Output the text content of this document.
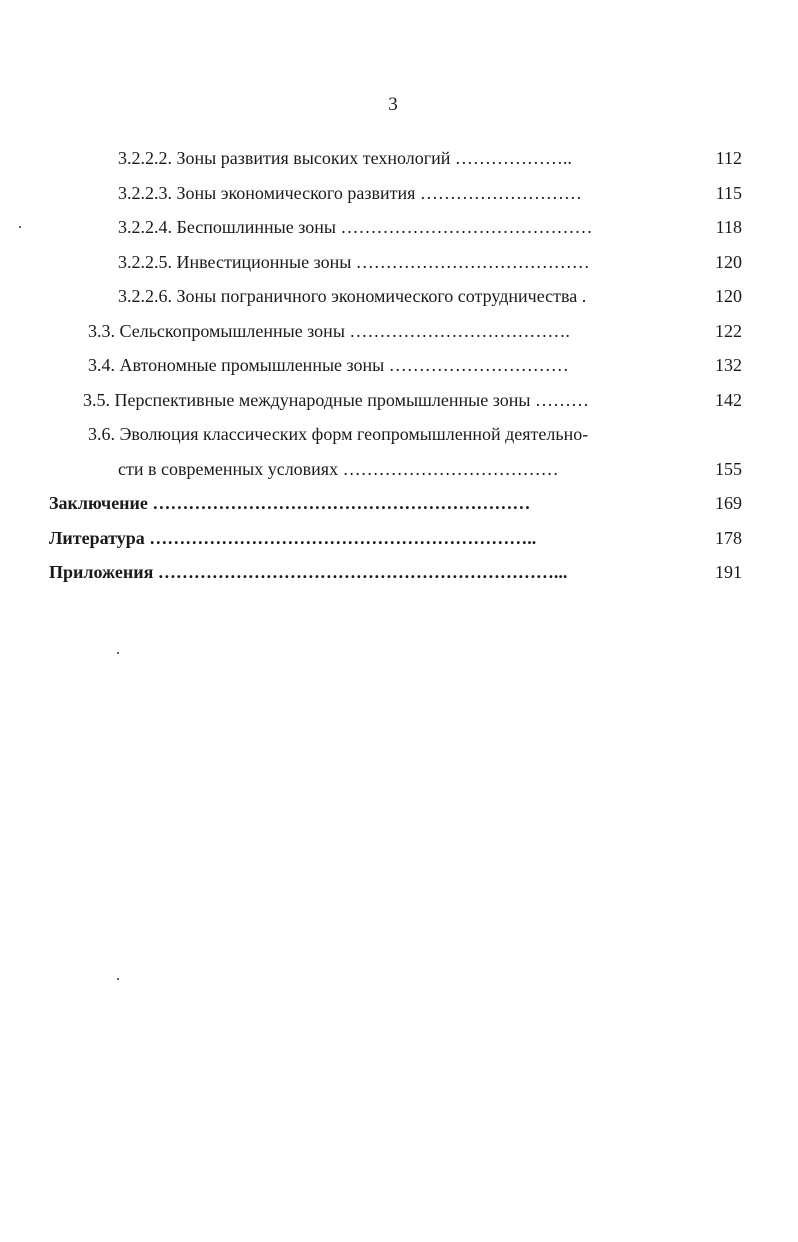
3
3.2.2.2. Зоны развития высоких технологий ………………..	112
3.2.2.3. Зоны экономического развития ………………………	115
3.2.2.4. Беспошлинные зоны ……………………………………	118
3.2.2.5. Инвестиционные зоны …………………………………	120
3.2.2.6. Зоны пограничного экономического сотрудничества .	120
3.3. Сельскопромышленные зоны ……………………………….	122
3.4. Автономные промышленные зоны …………………………	132
3.5. Перспективные международные промышленные зоны ………	142
3.6. Эволюция классических форм геопромышленной деятельно-
сти в современных условиях ………………………………	155
Заключение ………………………………………………………	169
Литература ………………………………………………………..	178
Приложения …………………………………………………………...	191
